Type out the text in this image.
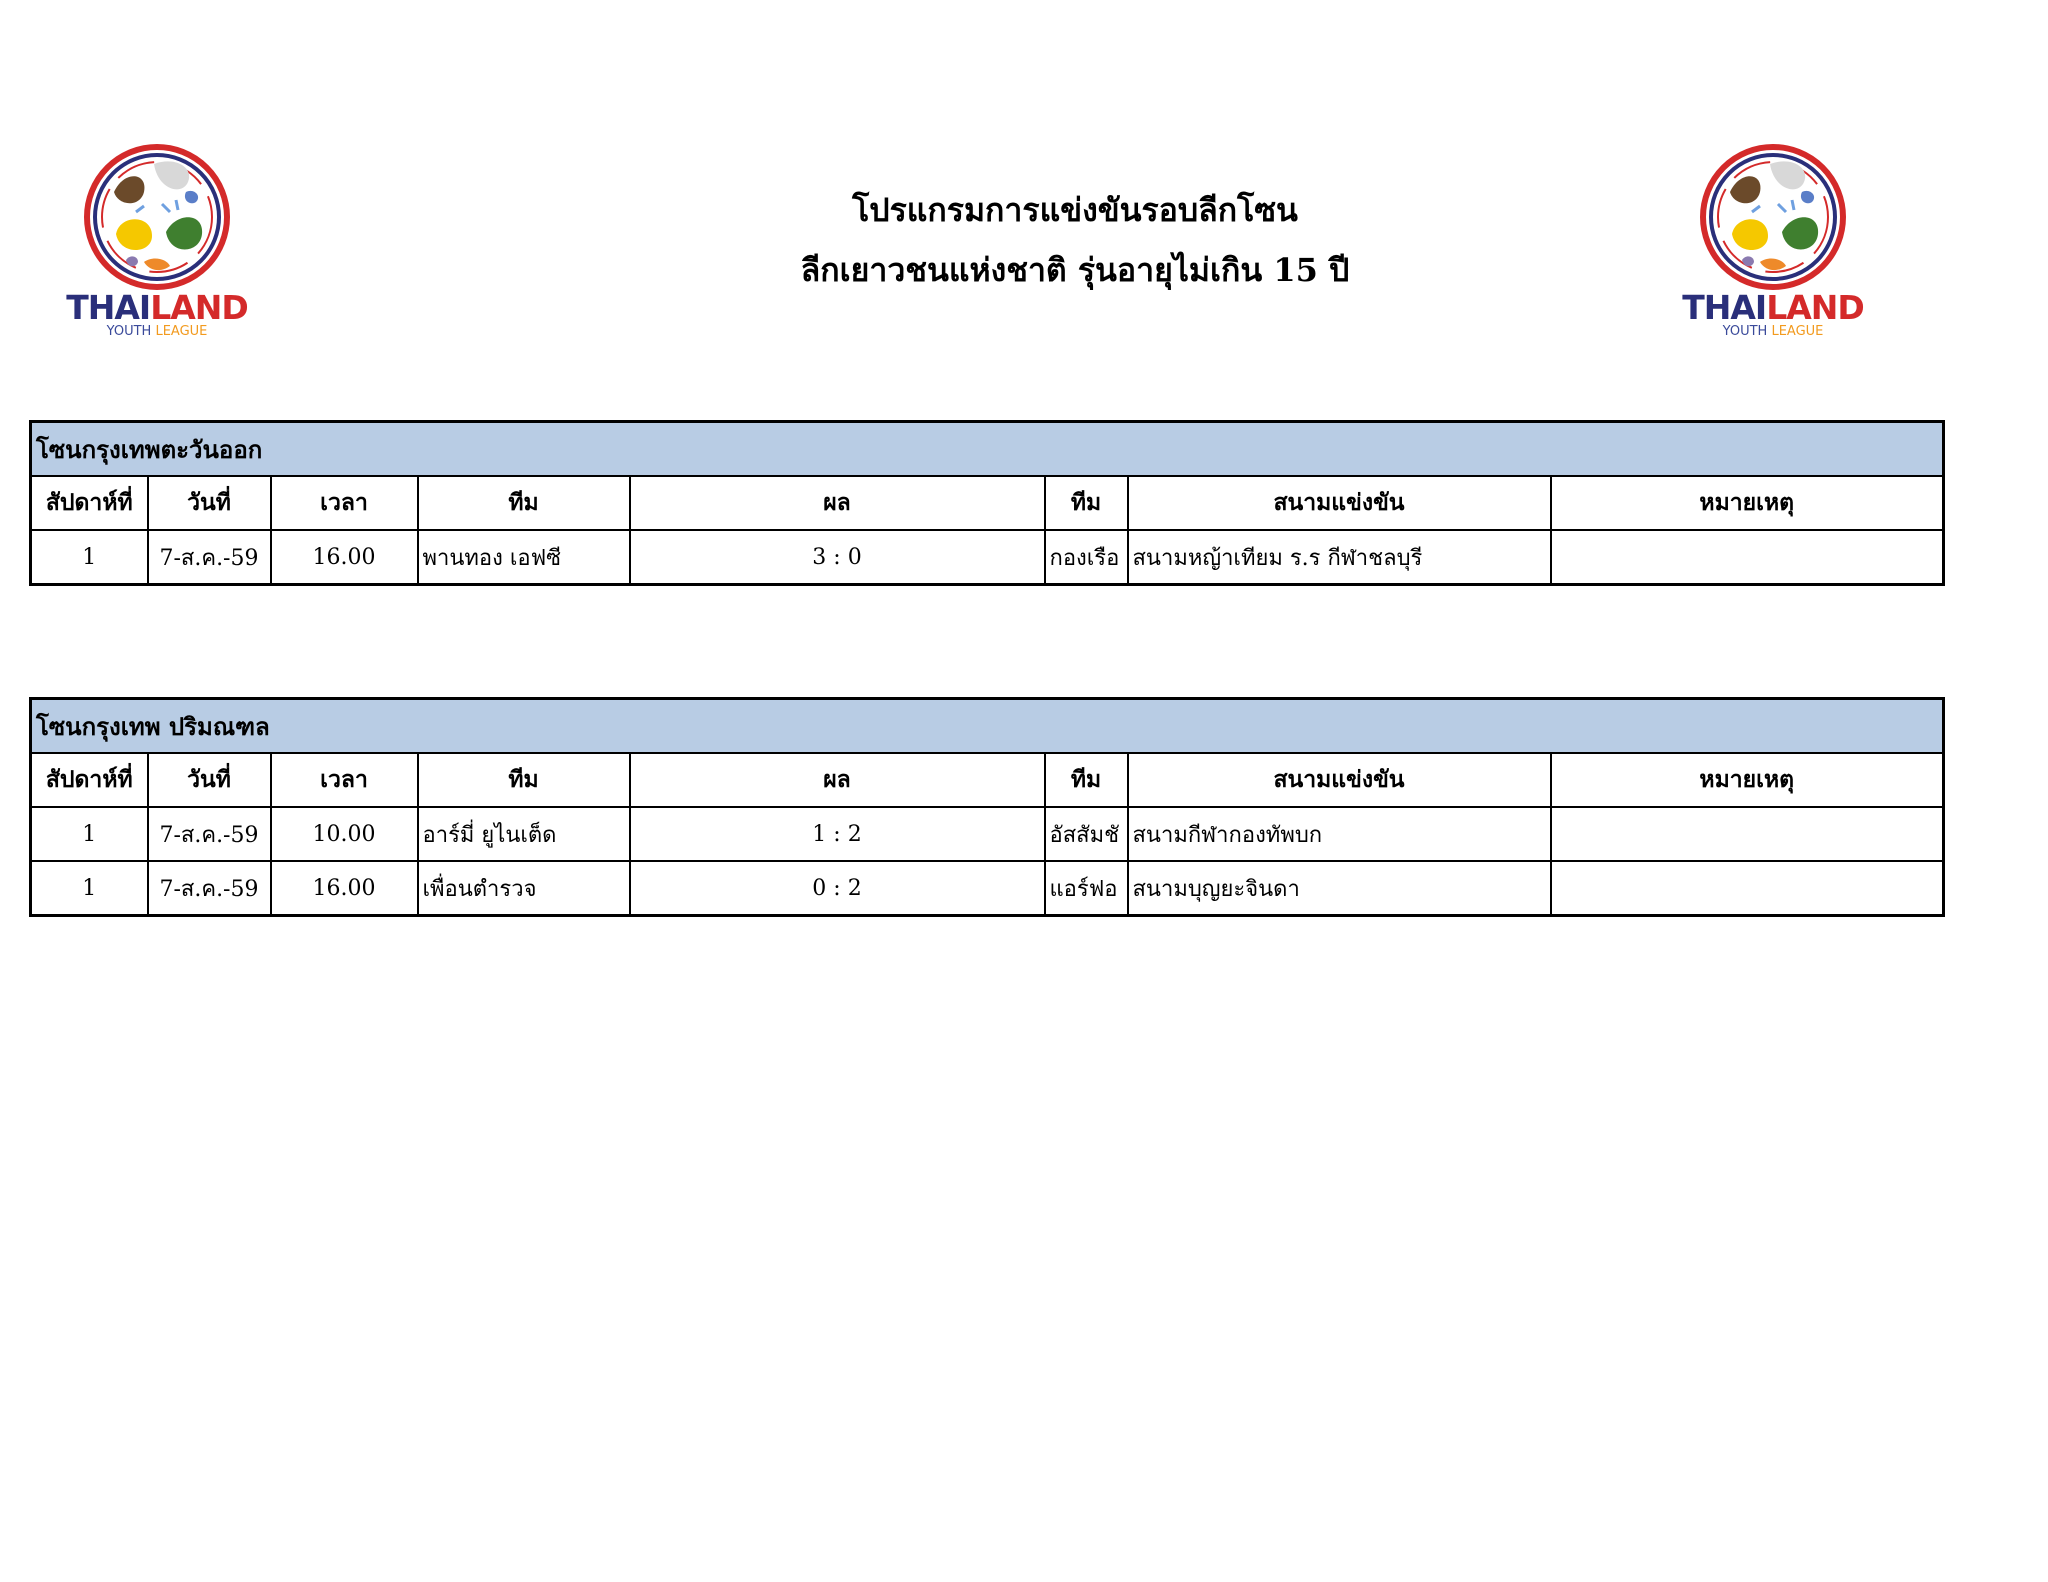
THAILAND
YOUTH LEAGUE
THAILAND
YOUTH LEAGUE
โปรแกรมการแข่งขันรอบลีกโซน
ลีกเยาวชนแห่งชาติ รุ่นอายุไม่เกิน 15 ปี
โซนกรุงเทพตะวันออก							
สัปดาห์ที่	วันที่	เวลา	ทีม	ผล	ทีม	สนามแข่งขัน	หมายเหตุ
1	7-ส.ค.-59	16.00	พานทอง เอฟซี	3 : 0	กองเรือ	สนามหญ้าเทียม ร.ร กีฬาชลบุรี	
โซนกรุงเทพ ปริมณฑล							
สัปดาห์ที่	วันที่	เวลา	ทีม	ผล	ทีม	สนามแข่งขัน	หมายเหตุ
1	7-ส.ค.-59	10.00	อาร์มี่ ยูไนเต็ด	1 : 2	อัสสัมชั	สนามกีฬากองทัพบก	
1	7-ส.ค.-59	16.00	เพื่อนตำรวจ	0 : 2	แอร์ฟอ	สนามบุญยะจินดา	
